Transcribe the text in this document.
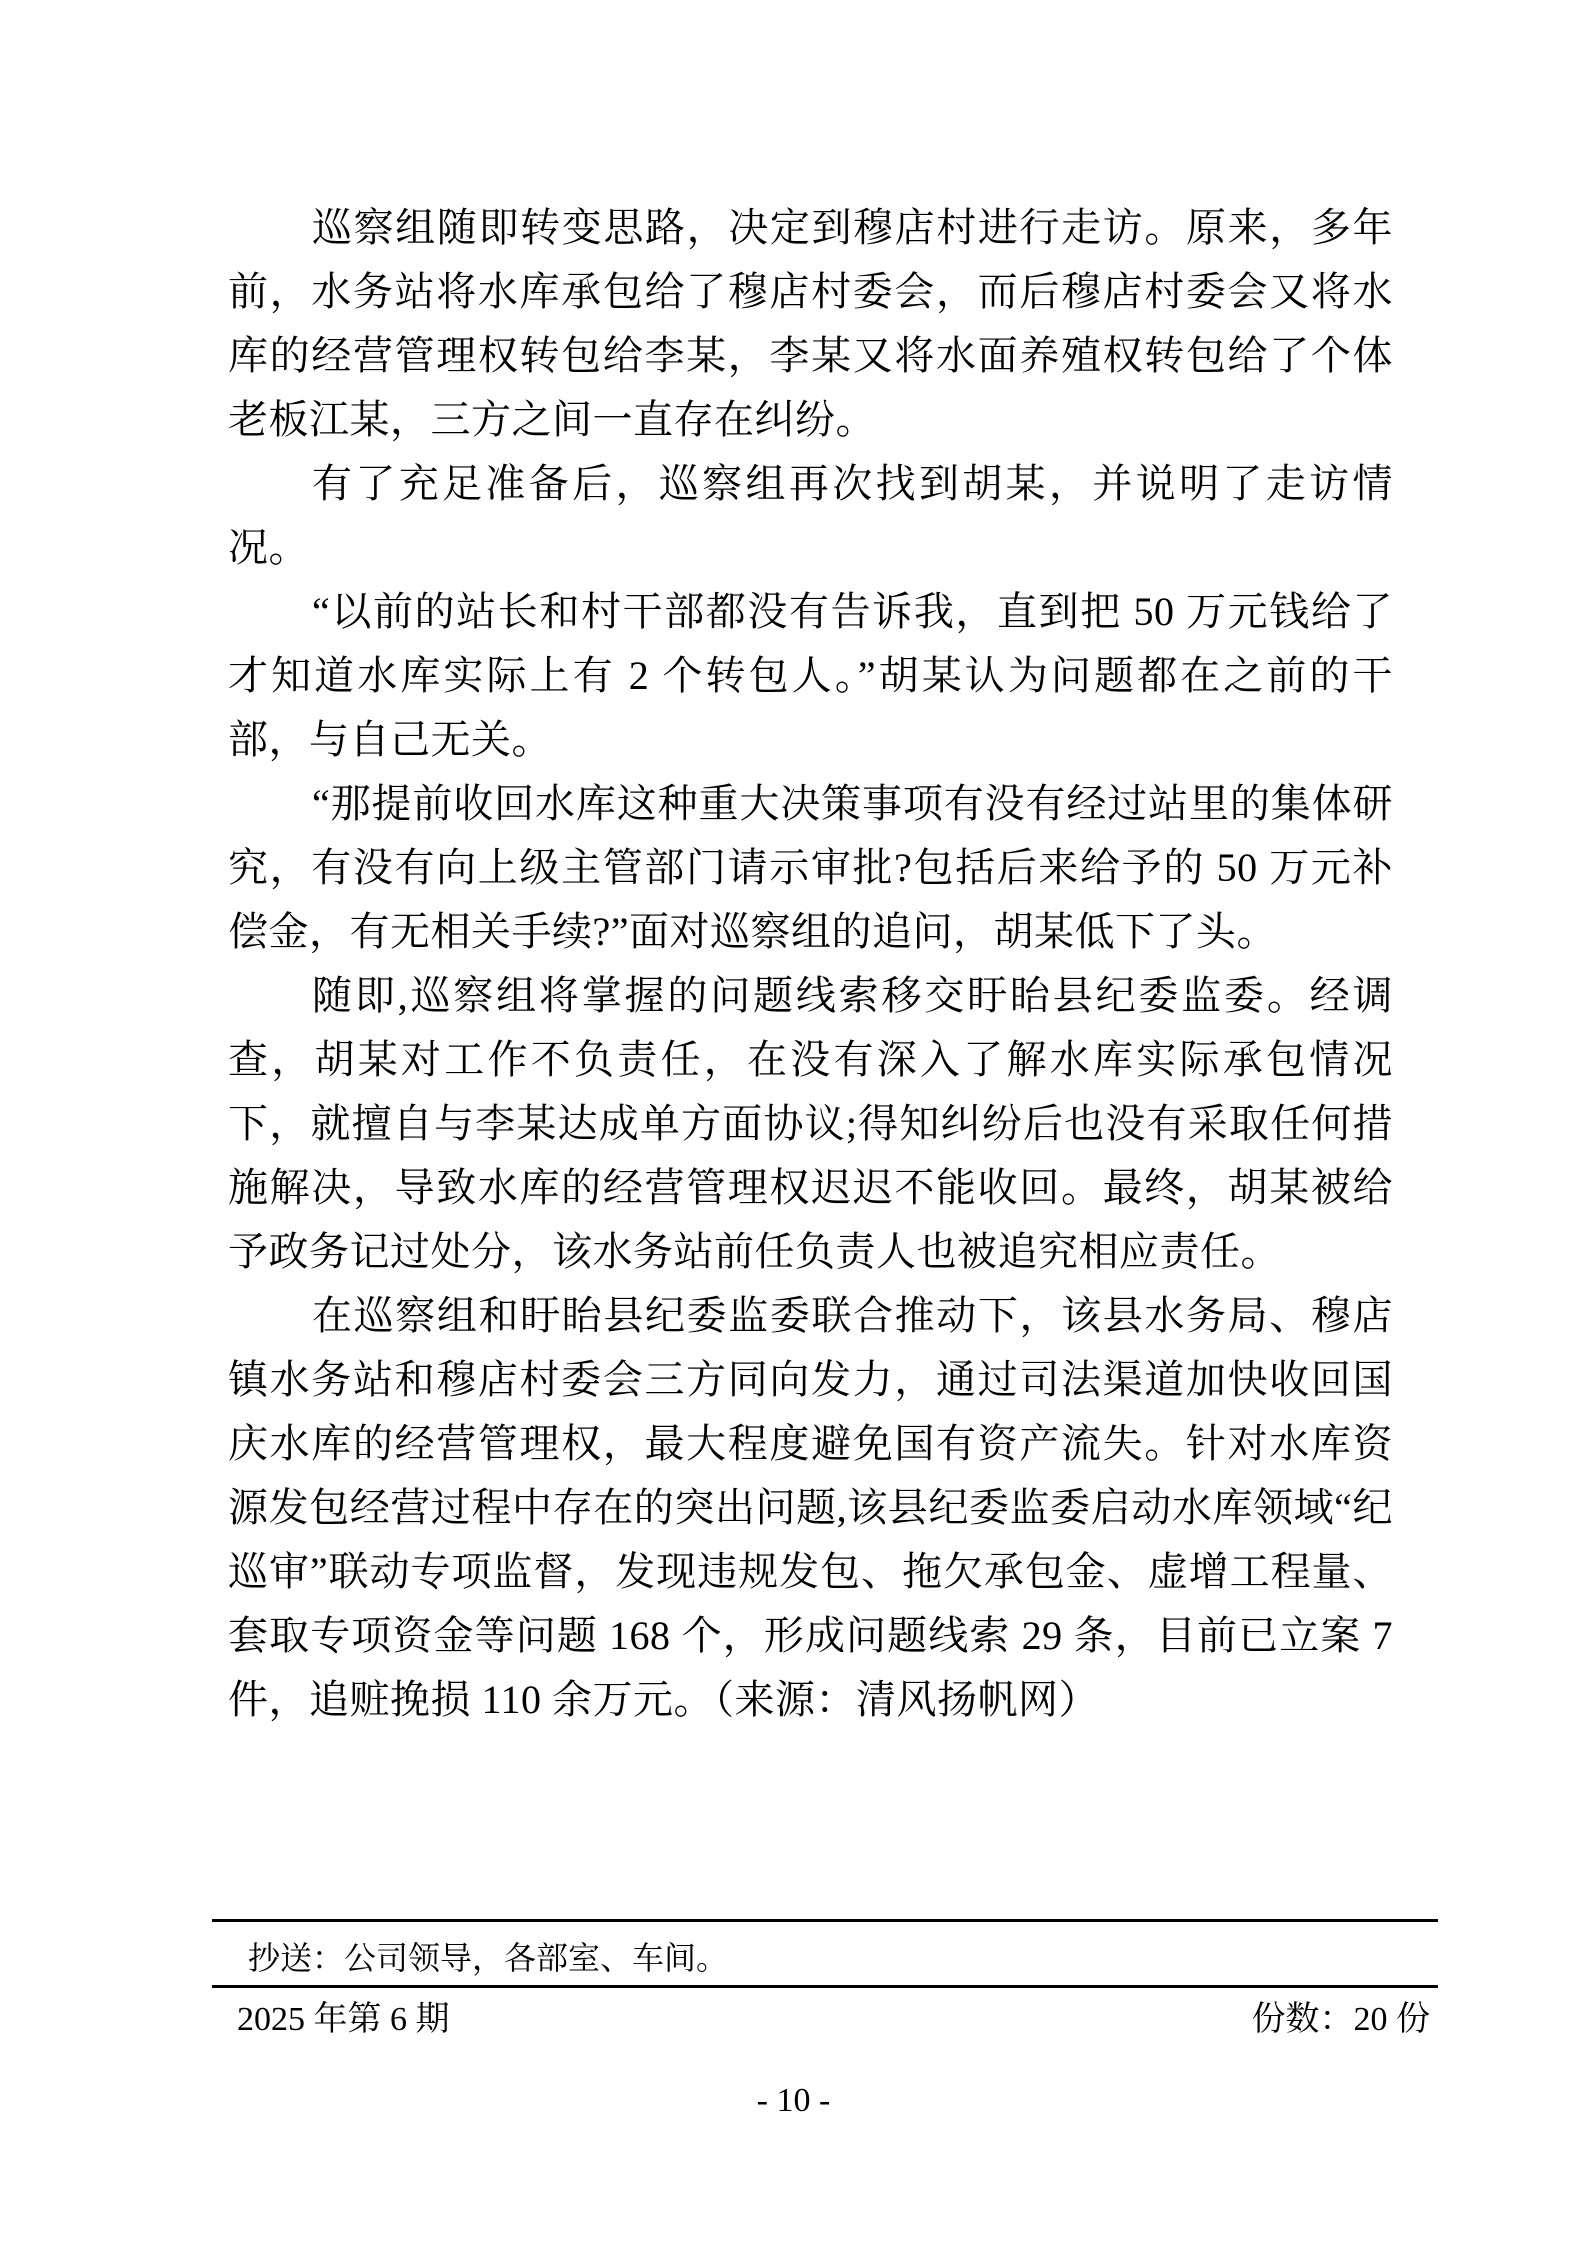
巡察组随即转变思路，决定到穆店村进行走访。原来，多年前，水务站将水库承包给了穆店村委会，而后穆店村委会又将水库的经营管理权转包给李某，李某又将水面养殖权转包给了个体老板江某，三方之间一直存在纠纷。

有了充足准备后，巡察组再次找到胡某，并说明了走访情况。

“以前的站长和村干部都没有告诉我，直到把 50 万元钱给了才知道水库实际上有 2 个转包人。”胡某认为问题都在之前的干部，与自己无关。

“那提前收回水库这种重大决策事项有没有经过站里的集体研究，有没有向上级主管部门请示审批?包括后来给予的 50 万元补偿金，有无相关手续?”面对巡察组的追问，胡某低下了头。

随即,巡察组将掌握的问题线索移交盱眙县纪委监委。经调查，胡某对工作不负责任，在没有深入了解水库实际承包情况下，就擅自与李某达成单方面协议;得知纠纷后也没有采取任何措施解决，导致水库的经营管理权迟迟不能收回。最终，胡某被给予政务记过处分，该水务站前任负责人也被追究相应责任。

在巡察组和盱眙县纪委监委联合推动下，该县水务局、穆店镇水务站和穆店村委会三方同向发力，通过司法渠道加快收回国庆水库的经营管理权，最大程度避免国有资产流失。针对水库资源发包经营过程中存在的突出问题,该县纪委监委启动水库领域“纪巡审”联动专项监督，发现违规发包、拖欠承包金、虚增工程量、套取专项资金等问题 168 个，形成问题线索 29 条，目前已立案 7 件，追赃挽损 110 余万元。（来源：清风扬帆网）

抄送：公司领导，各部室、车间。
2025 年第 6 期	份数：20 份
- 10 -
